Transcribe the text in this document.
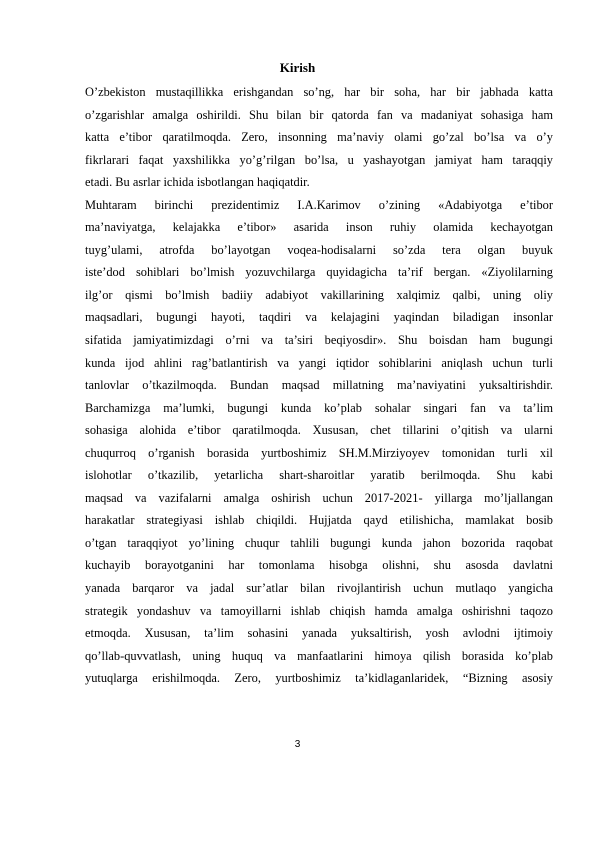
Kirish
O’zbekiston mustaqillikka erishgandan so’ng, har bir soha, har bir jabhada katta
o’zgarishlar amalga oshirildi. Shu bilan bir qatorda fan va madaniyat sohasiga ham
katta e’tibor qaratilmoqda. Zero, insonning ma’naviy olami go’zal bo’lsa va o’y
fikrlarari faqat yaxshilikka yo’g’rilgan bo’lsa, u yashayotgan jamiyat ham taraqqiy
etadi. Bu asrlar ichida isbotlangan haqiqatdir.
Muhtaram birinchi prezidentimiz I.A.Karimov o’zining «Adabiyotga e’tibor
ma’naviyatga, kelajakka e’tibor» asarida inson ruhiy olamida kechayotgan
tuyg’ulami, atrofda bo’layotgan voqea-hodisalarni so’zda tera olgan buyuk
iste’dod sohiblari bo’lmish yozuvchilarga quyidagicha ta’rif bergan. «Ziyolilarning
ilg’or qismi bo’lmish badiiy adabiyot vakillarining xalqimiz qalbi, uning oliy
maqsadlari, bugungi hayoti, taqdiri va kelajagini yaqindan biladigan insonlar
sifatida jamiyatimizdagi o’rni va ta’siri beqiyosdir». Shu boisdan ham bugungi
kunda ijod ahlini rag’batlantirish va yangi iqtidor sohiblarini aniqlash uchun turli
tanlovlar o’tkazilmoqda. Bundan maqsad millatning ma’naviyatini yuksaltirishdir.
Barchamizga ma’lumki, bugungi kunda ko’plab sohalar singari fan va ta’lim
sohasiga alohida e’tibor qaratilmoqda. Xususan, chet tillarini o’qitish va ularni
chuqurroq o’rganish borasida yurtboshimiz SH.M.Mirziyoyev tomonidan turli xil
islohotlar o’tkazilib, yetarlicha shart-sharoitlar yaratib berilmoqda. Shu kabi
maqsad va vazifalarni amalga oshirish uchun 2017-2021- yillarga mo’ljallangan
harakatlar strategiyasi ishlab chiqildi. Hujjatda qayd etilishicha, mamlakat bosib
o’tgan taraqqiyot yo’lining chuqur tahlili bugungi kunda jahon bozorida raqobat
kuchayib borayotganini har tomonlama hisobga olishni, shu asosda davlatni
yanada barqaror va jadal sur’atlar bilan rivojlantirish uchun mutlaqo yangicha
strategik yondashuv va tamoyillarni ishlab chiqish hamda amalga oshirishni taqozo
etmoqda. Xususan, ta’lim sohasini yanada yuksaltirish, yosh avlodni ijtimoiy
qo’llab-quvvatlash, uning huquq va manfaatlarini himoya qilish borasida ko’plab
yutuqlarga erishilmoqda. Zero, yurtboshimiz ta’kidlaganlaridek, “Bizning asosiy
3
